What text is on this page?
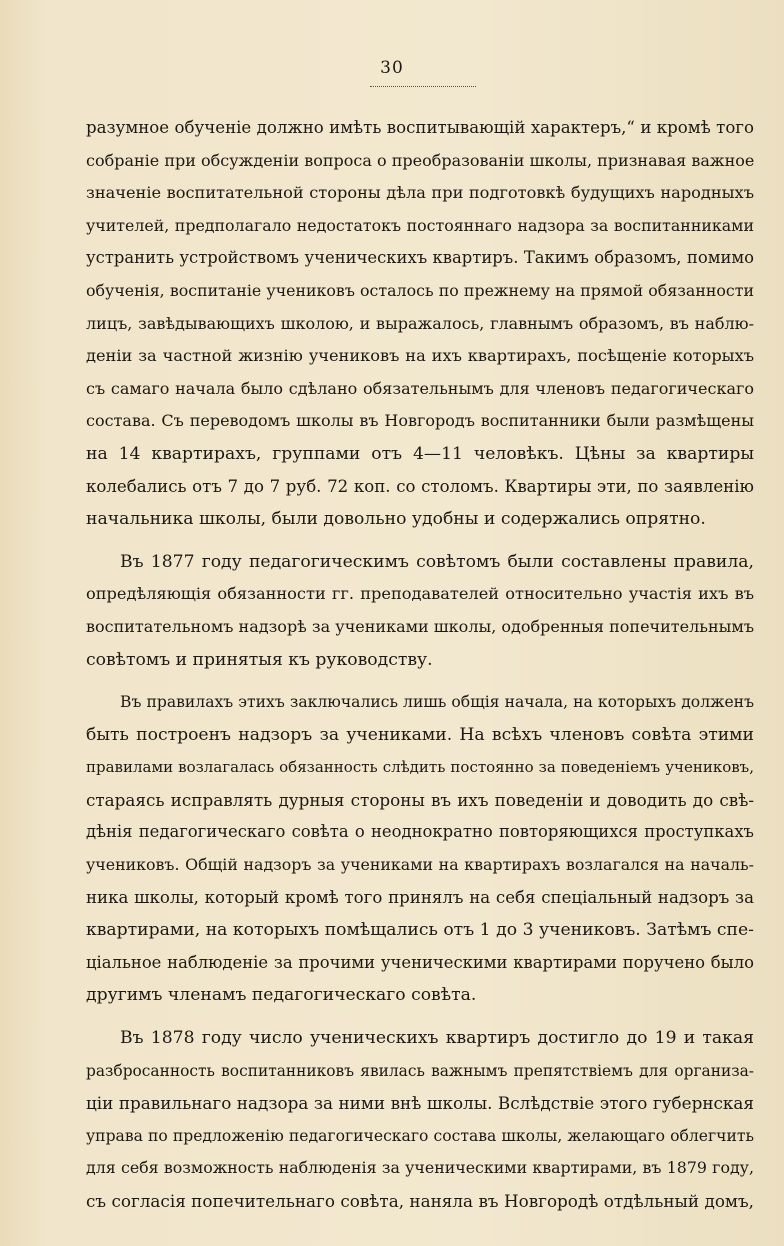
30
разумное обученіе должно имѣть воспитывающій характеръ,“ и кромѣ того
собраніе при обсужденіи вопроса о преобразованіи школы, признавая важное
значеніе воспитательной стороны дѣла при подготовкѣ будущихъ народныхъ
учителей, предполагало недостатокъ постояннаго надзора за воспитанниками
устранить устройствомъ ученическихъ квартиръ. Такимъ образомъ, помимо
обученія, воспитаніе учениковъ осталось по прежнему на прямой обязанности
лицъ, завѣдывающихъ школою, и выражалось, главнымъ образомъ, въ наблю-
деніи за частной жизнію учениковъ на ихъ квартирахъ, посѣщеніе которыхъ
съ самаго начала было сдѣлано обязательнымъ для членовъ педагогическаго
состава. Съ переводомъ школы въ Новгородъ воспитанники были размѣщены
на 14 квартирахъ, группами отъ 4—11 человѣкъ. Цѣны за квартиры
колебались отъ 7 до 7 руб. 72 коп. со столомъ. Квартиры эти, по заявленію
начальника школы, были довольно удобны и содержались опрятно.
Въ 1877 году педагогическимъ совѣтомъ были составлены правила,
опредѣляющія обязанности гг. преподавателей относительно участія ихъ въ
воспитательномъ надзорѣ за учениками школы, одобренныя попечительнымъ
совѣтомъ и принятыя къ руководству.
Въ правилахъ этихъ заключались лишь общія начала, на которыхъ долженъ
быть построенъ надзоръ за учениками. На всѣхъ членовъ совѣта этими
правилами возлагалась обязанность слѣдить постоянно за поведеніемъ учениковъ,
стараясь исправлять дурныя стороны въ ихъ поведеніи и доводить до свѣ-
дѣнія педагогическаго совѣта о неоднократно повторяющихся проступкахъ
учениковъ. Общій надзоръ за учениками на квартирахъ возлагался на началь-
ника школы, который кромѣ того принялъ на себя спеціальный надзоръ за
квартирами, на которыхъ помѣщались отъ 1 до 3 учениковъ. Затѣмъ спе-
ціальное наблюденіе за прочими ученическими квартирами поручено было
другимъ членамъ педагогическаго совѣта.
Въ 1878 году число ученическихъ квартиръ достигло до 19 и такая
разбросанность воспитанниковъ явилась важнымъ препятствіемъ для организа-
ціи правильнаго надзора за ними внѣ школы. Вслѣдствіе этого губернская
управа по предложенію педагогическаго состава школы, желающаго облегчить
для себя возможность наблюденія за ученическими квартирами, въ 1879 году,
съ согласія попечительнаго совѣта, наняла въ Новгородѣ отдѣльный домъ,
